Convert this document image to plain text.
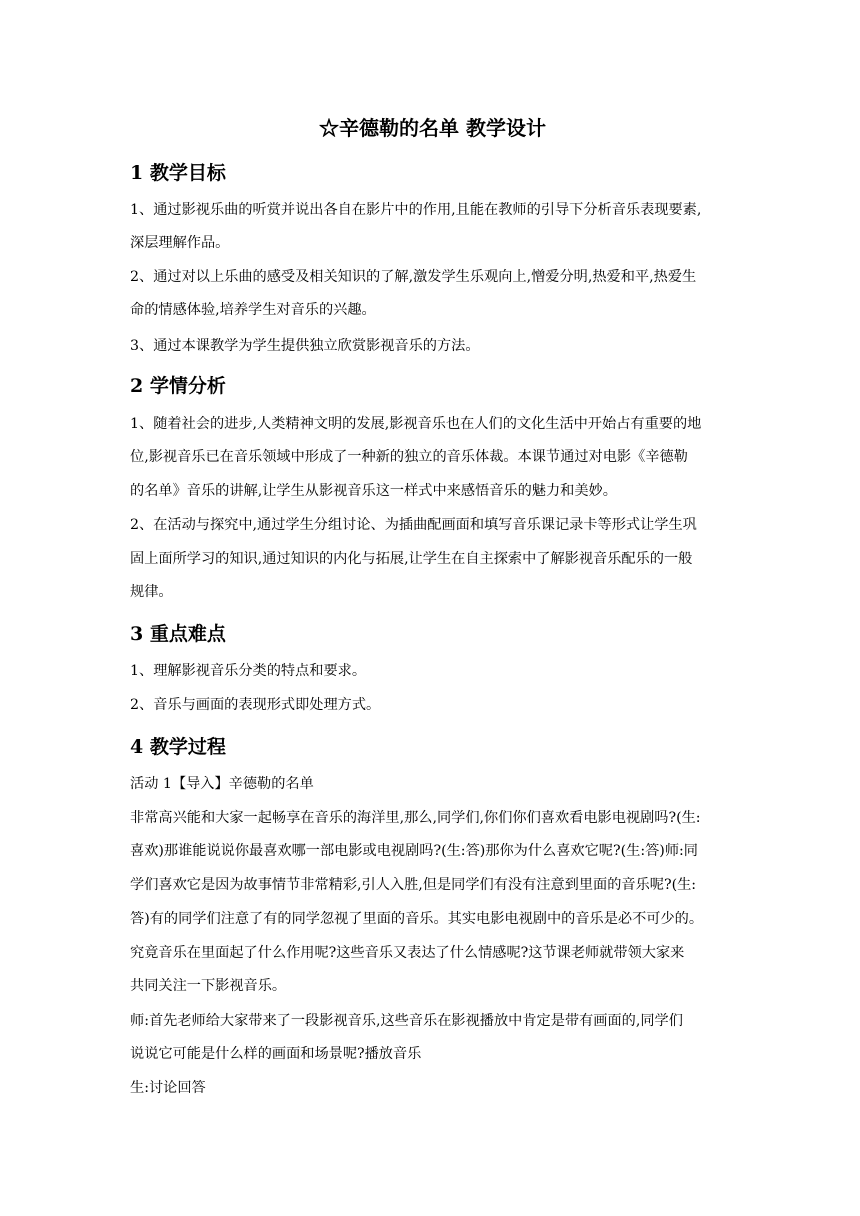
☆辛德勒的名单 教学设计
1 教学目标

1、通过影视乐曲的听赏并说出各自在影片中的作用,且能在教师的引导下分析音乐表现要素,

深层理解作品。

2、通过对以上乐曲的感受及相关知识的了解,激发学生乐观向上,憎爱分明,热爱和平,热爱生

命的情感体验,培养学生对音乐的兴趣。

3、通过本课教学为学生提供独立欣赏影视音乐的方法。

2 学情分析

1、随着社会的进步,人类精神文明的发展,影视音乐也在人们的文化生活中开始占有重要的地

位,影视音乐已在音乐领域中形成了一种新的独立的音乐体裁。本课节通过对电影《辛德勒

的名单》音乐的讲解,让学生从影视音乐这一样式中来感悟音乐的魅力和美妙。

2、在活动与探究中,通过学生分组讨论、为插曲配画面和填写音乐课记录卡等形式让学生巩

固上面所学习的知识,通过知识的内化与拓展,让学生在自主探索中了解影视音乐配乐的一般

规律。

3 重点难点

1、理解影视音乐分类的特点和要求。

2、音乐与画面的表现形式即处理方式。

4 教学过程

活动 1【导入】辛德勒的名单

非常高兴能和大家一起畅享在音乐的海洋里,那么,同学们,你们你们喜欢看电影电视剧吗?(生:

喜欢)那谁能说说你最喜欢哪一部电影或电视剧吗?(生:答)那你为什么喜欢它呢?(生:答)师:同

学们喜欢它是因为故事情节非常精彩,引人入胜,但是同学们有没有注意到里面的音乐呢?(生:

答)有的同学们注意了有的同学忽视了里面的音乐。其实电影电视剧中的音乐是必不可少的。

究竟音乐在里面起了什么作用呢?这些音乐又表达了什么情感呢?这节课老师就带领大家来

共同关注一下影视音乐。

师:首先老师给大家带来了一段影视音乐,这些音乐在影视播放中肯定是带有画面的,同学们

说说它可能是什么样的画面和场景呢?播放音乐

生:讨论回答
